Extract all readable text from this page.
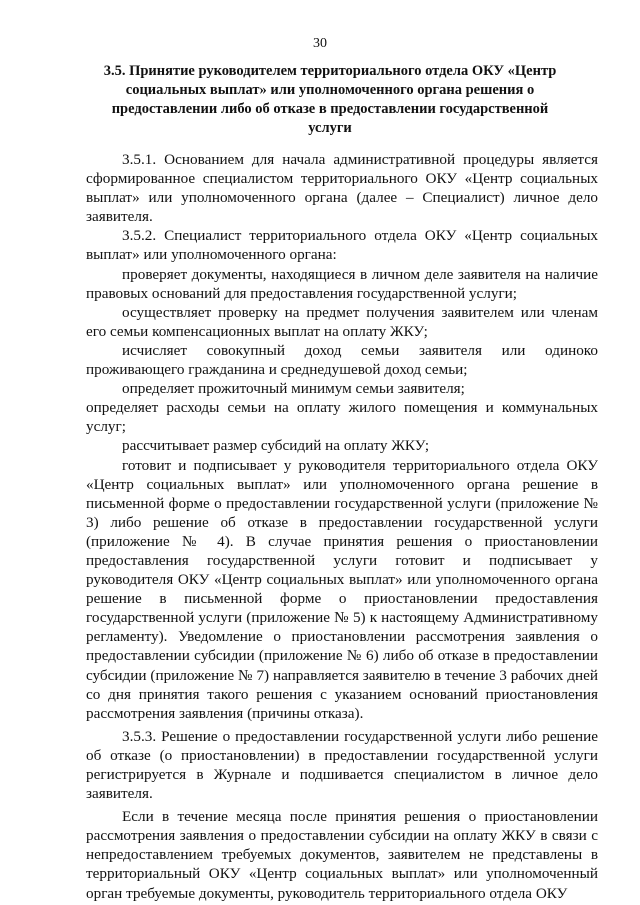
30
3.5. Принятие руководителем территориального отдела ОКУ «Центр социальных выплат» или уполномоченного органа решения о предоставлении либо об отказе в предоставлении государственной услуги

3.5.1. Основанием для начала административной процедуры является сформированное специалистом территориального ОКУ «Центр социальных выплат» или уполномоченного органа (далее – Специалист) личное дело заявителя.

3.5.2. Специалист территориального отдела ОКУ «Центр социальных выплат» или уполномоченного органа:

проверяет документы, находящиеся в личном деле заявителя на наличие правовых оснований для предоставления государственной услуги;

осуществляет проверку на предмет получения заявителем или членам его семьи компенсационных выплат на оплату ЖКУ;

исчисляет совокупный доход семьи заявителя или одиноко проживающего гражданина и среднедушевой доход семьи;

определяет прожиточный минимум семьи заявителя;

определяет расходы семьи на оплату жилого помещения и коммунальных услуг;

рассчитывает размер субсидий на оплату ЖКУ;

готовит и подписывает у руководителя территориального отдела ОКУ «Центр социальных выплат» или уполномоченного органа решение в письменной форме о предоставлении государственной услуги (приложение № 3) либо решение об отказе в предоставлении государственной услуги (приложение № 4). В случае принятия решения о приостановлении предоставления государственной услуги готовит и подписывает у руководителя ОКУ «Центр социальных выплат» или уполномоченного органа решение в письменной форме о приостановлении предоставления государственной услуги (приложение № 5) к настоящему Административному регламенту). Уведомление о приостановлении рассмотрения заявления о предоставлении субсидии (приложение № 6) либо об отказе в предоставлении субсидии (приложение № 7) направляется заявителю в течение 3 рабочих дней со дня принятия такого решения с указанием оснований приостановления рассмотрения заявления (причины отказа).

3.5.3. Решение о предоставлении государственной услуги либо решение об отказе (о приостановлении) в предоставлении государственной услуги регистрируется в Журнале и подшивается специалистом в личное дело заявителя.

Если в течение месяца после принятия решения о приостановлении рассмотрения заявления о предоставлении субсидии на оплату ЖКУ в связи с непредоставлением требуемых документов, заявителем не представлены в территориальный ОКУ «Центр социальных выплат» или уполномоченный орган требуемые документы, руководитель территориального отдела ОКУ
